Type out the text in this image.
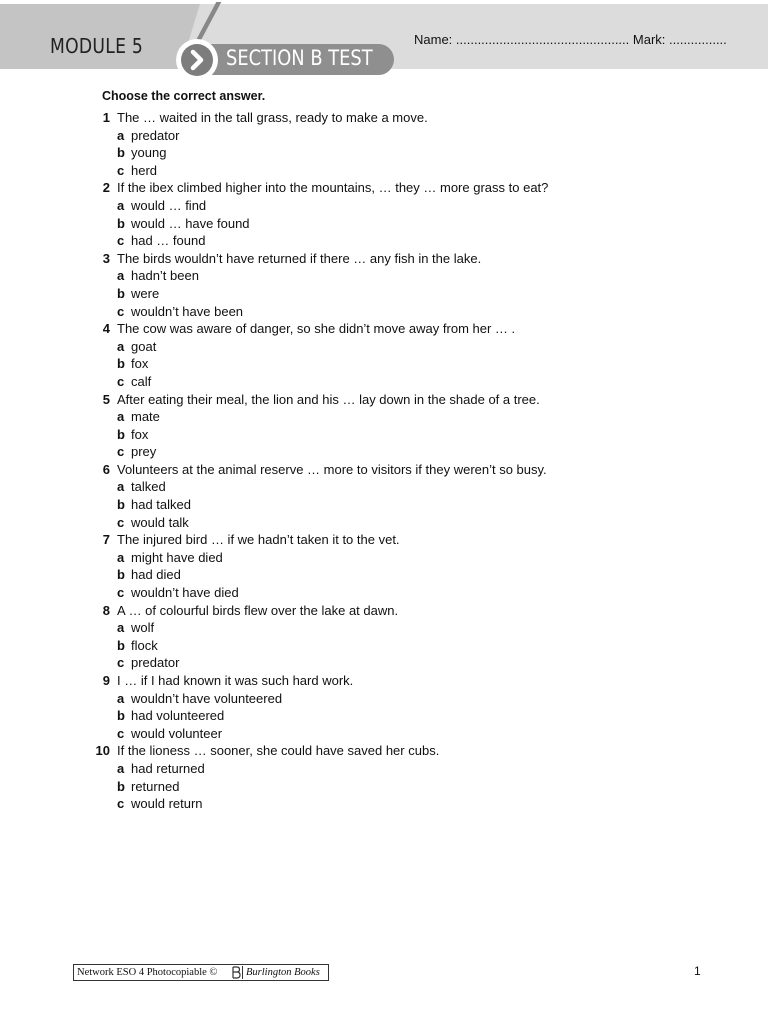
MODULE 5	SECTION B TEST
Name: ................................................ Mark: ................
Choose the correct answer.
1 The … waited in the tall grass, ready to make a move.
a predator
b young
c herd
2 If the ibex climbed higher into the mountains, … they … more grass to eat?
a would … find
b would … have found
c had … found
3 The birds wouldn’t have returned if there … any fish in the lake.
a hadn’t been
b were
c wouldn’t have been
4 The cow was aware of danger, so she didn’t move away from her … .
a goat
b fox
c calf
5 After eating their meal, the lion and his … lay down in the shade of a tree.
a mate
b fox
c prey
6 Volunteers at the animal reserve … more to visitors if they weren’t so busy.
a talked
b had talked
c would talk
7 The injured bird … if we hadn’t taken it to the vet.
a might have died
b had died
c wouldn’t have died
8 A … of colourful birds flew over the lake at dawn.
a wolf
b flock
c predator
9 I … if I had known it was such hard work.
a wouldn’t have volunteered
b had volunteered
c would volunteer
10 If the lioness … sooner, she could have saved her cubs.
a had returned
b returned
c would return
Network ESO 4 Photocopiable ©	Burlington Books	1
